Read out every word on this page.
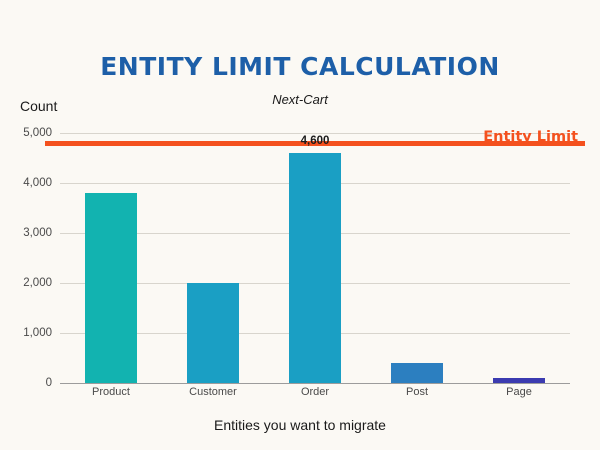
ENTITY LIMIT CALCULATION
Next-Cart
Count
Entities you want to migrate
0
1,000
2,000
3,000
4,000
5,000	Entity Limit
Product	Customer	Order
4,600
Post	Page
